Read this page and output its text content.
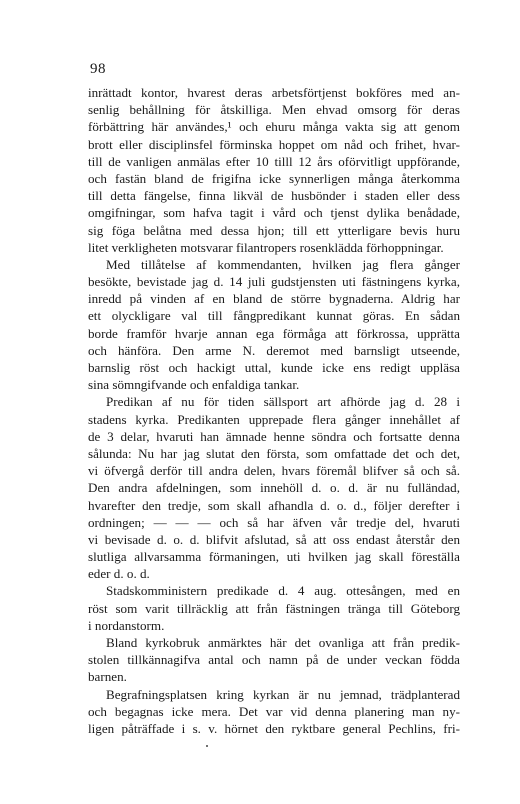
98
inrättadt kontor, hvarest deras arbetsförtjenst bokföres med an-
senlig behållning för åtskilliga. Men ehvad omsorg för deras
förbättring här användes,¹ och ehuru många vakta sig att genom
brott eller disciplinsfel förminska hoppet om nåd och frihet, hvar-
till de vanligen anmälas efter 10 tilll 12 års oförvitligt uppförande,
och fastän bland de frigifna icke synnerligen många återkomma
till detta fängelse, finna likväl de husbönder i staden eller dess
omgifningar, som hafva tagit i vård och tjenst dylika benådade,
sig föga belåtna med dessa hjon; till ett ytterligare bevis huru
litet verkligheten motsvarar filantropers rosenkläddа förhoppningar.
Med tillåtelse af kommendanten, hvilken jag flera gånger
besökte, bevistade jag d. 14 juli gudstjensten uti fästningens kyrka,
inredd på vinden af en bland de större bygnaderna. Aldrig har
ett olyckligare val till fångpredikant kunnat göras. En sådan
borde framför hvarje annan ega förmåga att förkrossa, upprätta
och hänföra. Den arme N. deremot med barnsligt utseende,
barnslig röst och hackigt uttal, kunde icke ens redigt uppläsa
sina sömngifvande och enfaldiga tankar.
Predikan af nu för tiden sällsport art afhörde jag d. 28 i
stadens kyrka. Predikanten upprepade flera gånger innehållet af
de 3 delar, hvaruti han ämnade henne söndra och fortsatte denna
sålunda: Nu har jag slutat den första, som omfattade det och det,
vi öfvergå derför till andra delen, hvars föremål blifver så och så.
Den andra afdelningen, som innehöll d. o. d. är nu fulländad,
hvarefter den tredje, som skall afhandla d. o. d., följer derefter i
ordningen; — — — och så har äfven vår tredje del, hvaruti
vi bevisade d. o. d. blifvit afslutad, så att oss endast återstår den
slutliga allvarsamma förmaningen, uti hvilken jag skall föreställa
eder d. o. d.
Stadskomministern predikade d. 4 aug. ottesången, med en
röst som varit tillräcklig att från fästningen tränga till Göteborg
i nordanstorm.
Bland kyrkobruk anmärktes här det ovanliga att från predik-
stolen tillkännagifva antal och namn på de under veckan födda
barnen.
Begrafningsplatsen kring kyrkan är nu jemnad, trädplanterad
och begagnas icke mera. Det var vid denna planering man ny-
ligen påträffade i s. v. hörnet den ryktbare general Pechlins, fri-
